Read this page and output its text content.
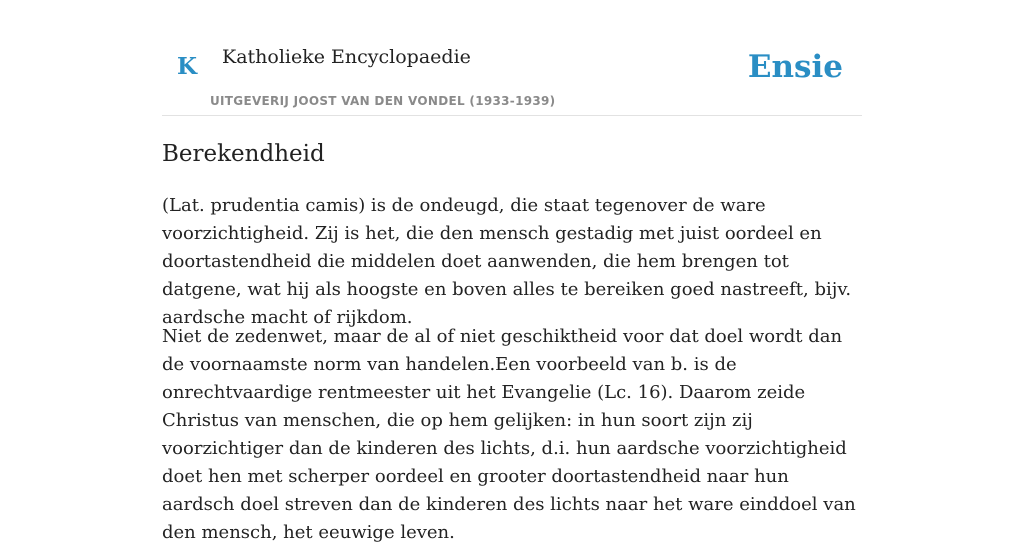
K Katholieke Encyclopaedie
UITGEVERIJ JOOST VAN DEN VONDEL (1933-1939)
Ensie
Berekendheid

(Lat. prudentia camis) is de ondeugd, die staat tegenover de ware voorzichtigheid. Zij is het, die den mensch gestadig met juist oordeel en doortastendheid die middelen doet aanwenden, die hem brengen tot datgene, wat hij als hoogste en boven alles te bereiken goed nastreeft, bijv. aardsche macht of rijkdom.

Niet de zedenwet, maar de al of niet geschiktheid voor dat doel wordt dan de voornaamste norm van handelen.Een voorbeeld van b. is de onrechtvaardige rentmeester uit het Evangelie (Lc. 16). Daarom zeide Christus van menschen, die op hem gelijken: in hun soort zijn zij voorzichtiger dan de kinderen des lichts, d.i. hun aardsche voorzichtigheid doet hen met scherper oordeel en grooter doortastendheid naar hun aardsch doel streven dan de kinderen des lichts naar het ware einddoel van den mensch, het eeuwige leven.
